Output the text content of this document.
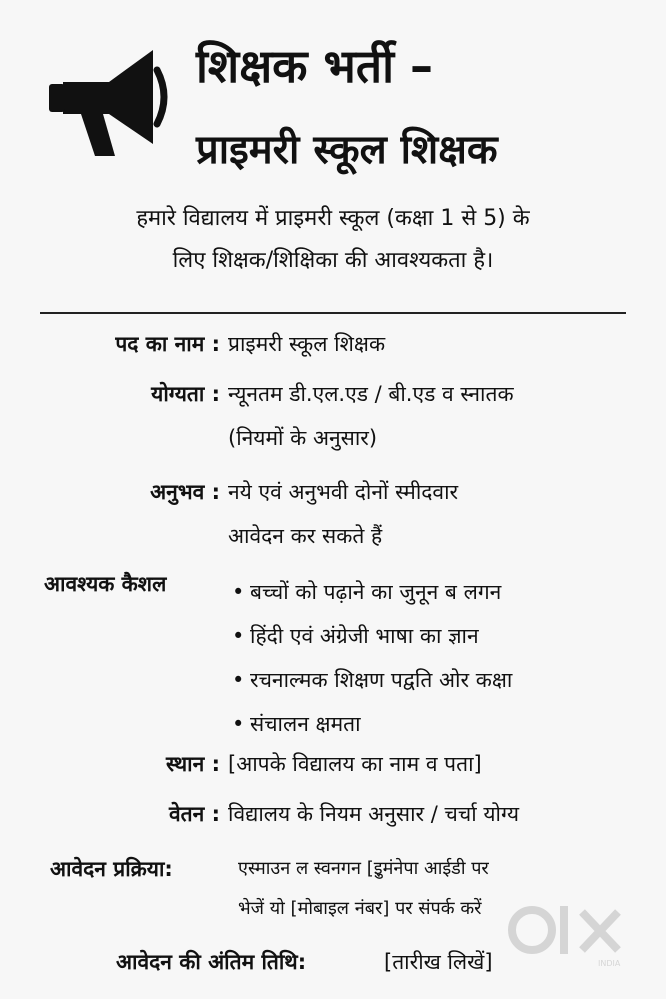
शिक्षक भर्ती –
प्राइमरी स्कूल शिक्षक
हमारे विद्यालय में प्राइमरी स्कूल (कक्षा 1 से 5) के
लिए शिक्षक/शिक्षिका की आवश्यकता है।
पद का नाम : प्राइमरी स्कूल शिक्षक
योग्यता : न्यूनतम डी.एल.एड / बी.एड व स्नातक
(नियमों के अनुसार)
अनुभव : नये एवं अनुभवी दोनों स्मीदवार
आवेदन कर सकते हैं
आवश्यक कैशल
•	बच्चों को पढ़ाने का जुनून ब लगन
• हिंदी एवं अंग्रेजी भाषा का ज्ञान
• रचनाल्मक शिक्षण पद्वति ओर कक्षा
• संचालन क्षमता
स्थान : [आपके विद्यालय का नाम व पता]
वेतन : विद्यालय के नियम अनुसार / चर्चा योग्य
आवेदन प्रक्रिया:	एस्माउन ल स्वनगन [इुमंनेपा आईडी पर
भेजें यो [मोबाइल नंबर] पर संपर्क करें
आवेदन की अंतिम तिथि:	[तारीख लिखें]	INDIA
